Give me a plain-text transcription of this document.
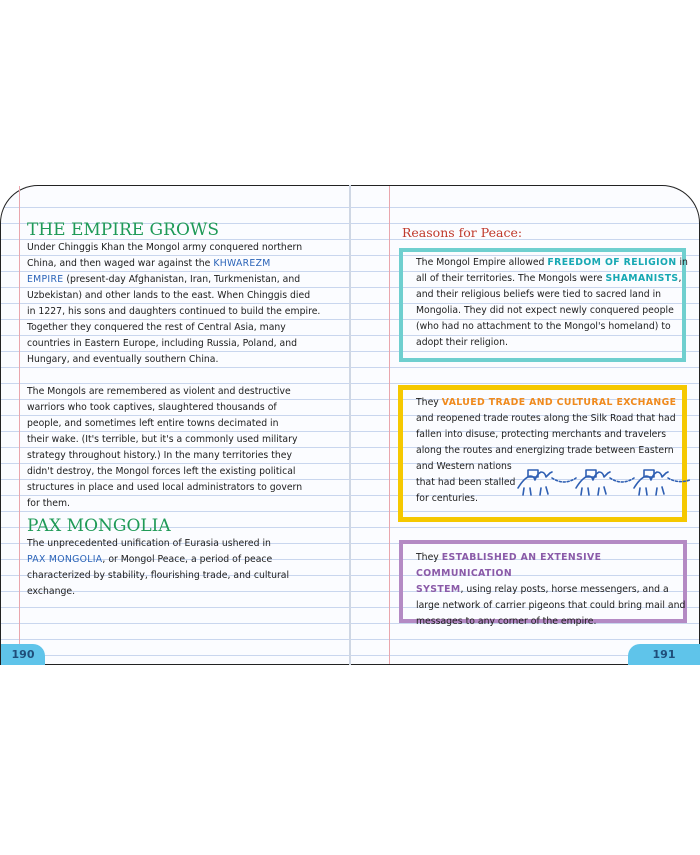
THE EMPIRE GROWS
Under Chinggis Khan the Mongol army conquered northern
China, and then waged war against the KHWAREZM
EMPIRE (present-day Afghanistan, Iran, Turkmenistan, and
Uzbekistan) and other lands to the east. When Chinggis died
in 1227, his sons and daughters continued to build the empire.
Together they conquered the rest of Central Asia, many
countries in Eastern Europe, including Russia, Poland, and
Hungary, and eventually southern China.
The Mongols are remembered as violent and destructive
warriors who took captives, slaughtered thousands of
people, and sometimes left entire towns decimated in
their wake. (It's terrible, but it's a commonly used military
strategy throughout history.) In the many territories they
didn't destroy, the Mongol forces left the existing political
structures in place and used local administrators to govern
for them.
PAX MONGOLIA
The unprecedented unification of Eurasia ushered in
PAX MONGOLIA, or Mongol Peace, a period of peace
characterized by stability, flourishing trade, and cultural
exchange.
190	191
Reasons for Peace:
The Mongol Empire allowed FREEDOM OF RELIGION in
all of their territories. The Mongols were SHAMANISTS,
and their religious beliefs were tied to sacred land in
Mongolia. They did not expect newly conquered people
(who had no attachment to the Mongol's homeland) to
adopt their religion.
They VALUED TRADE AND CULTURAL EXCHANGE
and reopened trade routes along the Silk Road that had
fallen into disuse, protecting merchants and travelers
along the routes and energizing trade between Eastern
and Western nations
that had been stalled
for centuries.
They ESTABLISHED AN EXTENSIVE COMMUNICATION
SYSTEM, using relay posts, horse messengers, and a
large network of carrier pigeons that could bring mail and
messages to any corner of the empire.
